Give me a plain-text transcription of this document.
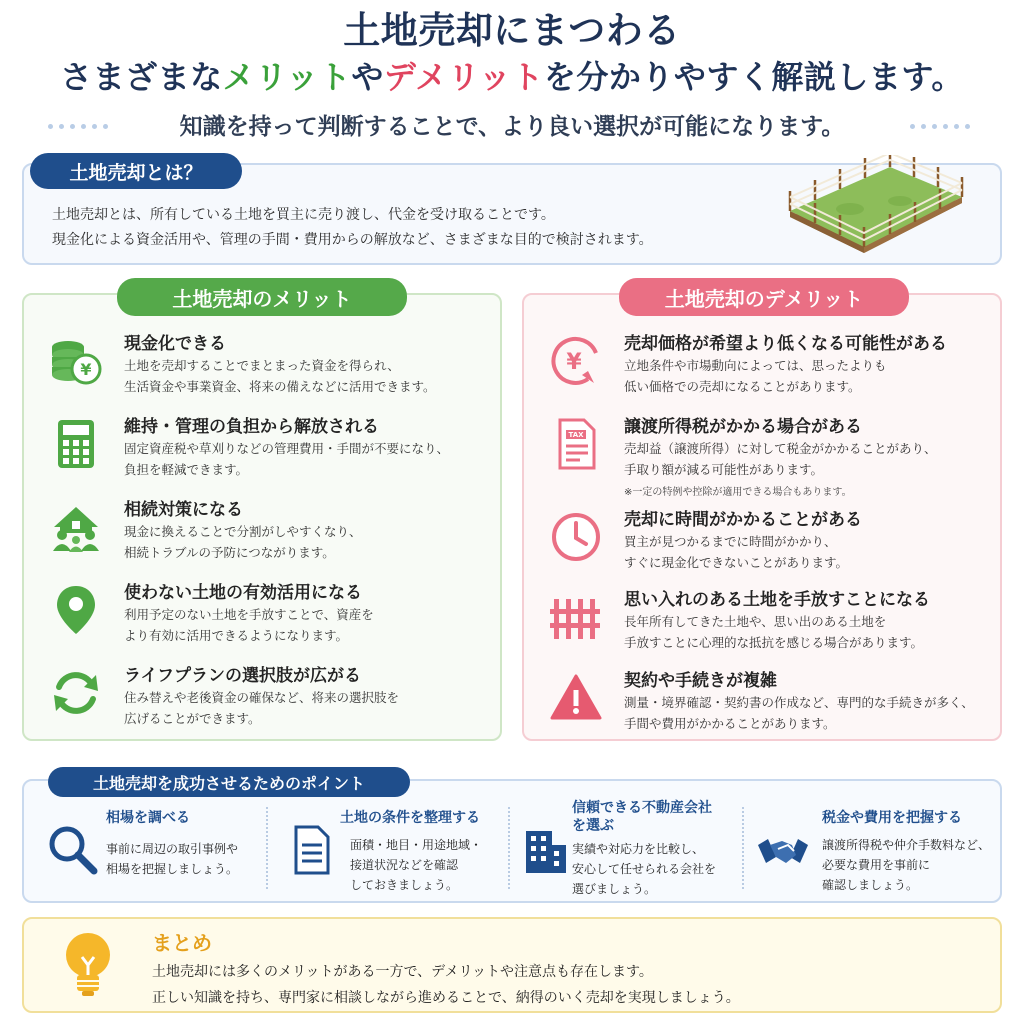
土地売却にまつわる
さまざまなメリットやデメリットを分かりやすく解説します。
知識を持って判断することで、より良い選択が可能になります。
土地売却とは？
土地売却とは、所有している土地を買主に売り渡し、代金を受け取ることです。
現金化による資金活用や、管理の手間・費用からの解放など、さまざまな目的で検討されます。
土地売却のメリット
¥
現金化できる
土地を売却することでまとまった資金を得られ、
生活資金や事業資金、将来の備えなどに活用できます。
維持・管理の負担から解放される
固定資産税や草刈りなどの管理費用・手間が不要になり、
負担を軽減できます。
相続対策になる
現金に換えることで分割がしやすくなり、
相続トラブルの予防につながります。
使わない土地の有効活用になる
利用予定のない土地を手放すことで、資産を
より有効に活用できるようになります。
ライフプランの選択肢が広がる
住み替えや老後資金の確保など、将来の選択肢を
広げることができます。
土地売却のデメリット
¥
売却価格が希望より低くなる可能性がある
立地条件や市場動向によっては、思ったよりも
低い価格での売却になることがあります。
TAX 譲渡所得税がかかる場合がある
売却益（譲渡所得）に対して税金がかかることがあり、
手取り額が減る可能性があります。
※一定の特例や控除が適用できる場合もあります。
売却に時間がかかることがある
買主が見つかるまでに時間がかかり、
すぐに現金化できないことがあります。
思い入れのある土地を手放すことになる
長年所有してきた土地や、思い出のある土地を
手放すことに心理的な抵抗を感じる場合があります。
契約や手続きが複雑
測量・境界確認・契約書の作成など、専門的な手続きが多く、
手間や費用がかかることがあります。
土地売却を成功させるためのポイント
相場を調べる
事前に周辺の取引事例や
相場を把握しましょう。
土地の条件を整理する
面積・地目・用途地域・
接道状況などを確認
しておきましょう。
信頼できる不動産会社
を選ぶ
実績や対応力を比較し、
安心して任せられる会社を
選びましょう。
税金や費用を把握する
譲渡所得税や仲介手数料など、
必要な費用を事前に
確認しましょう。
まとめ
土地売却には多くのメリットがある一方で、デメリットや注意点も存在します。
正しい知識を持ち、専門家に相談しながら進めることで、納得のいく売却を実現しましょう。
